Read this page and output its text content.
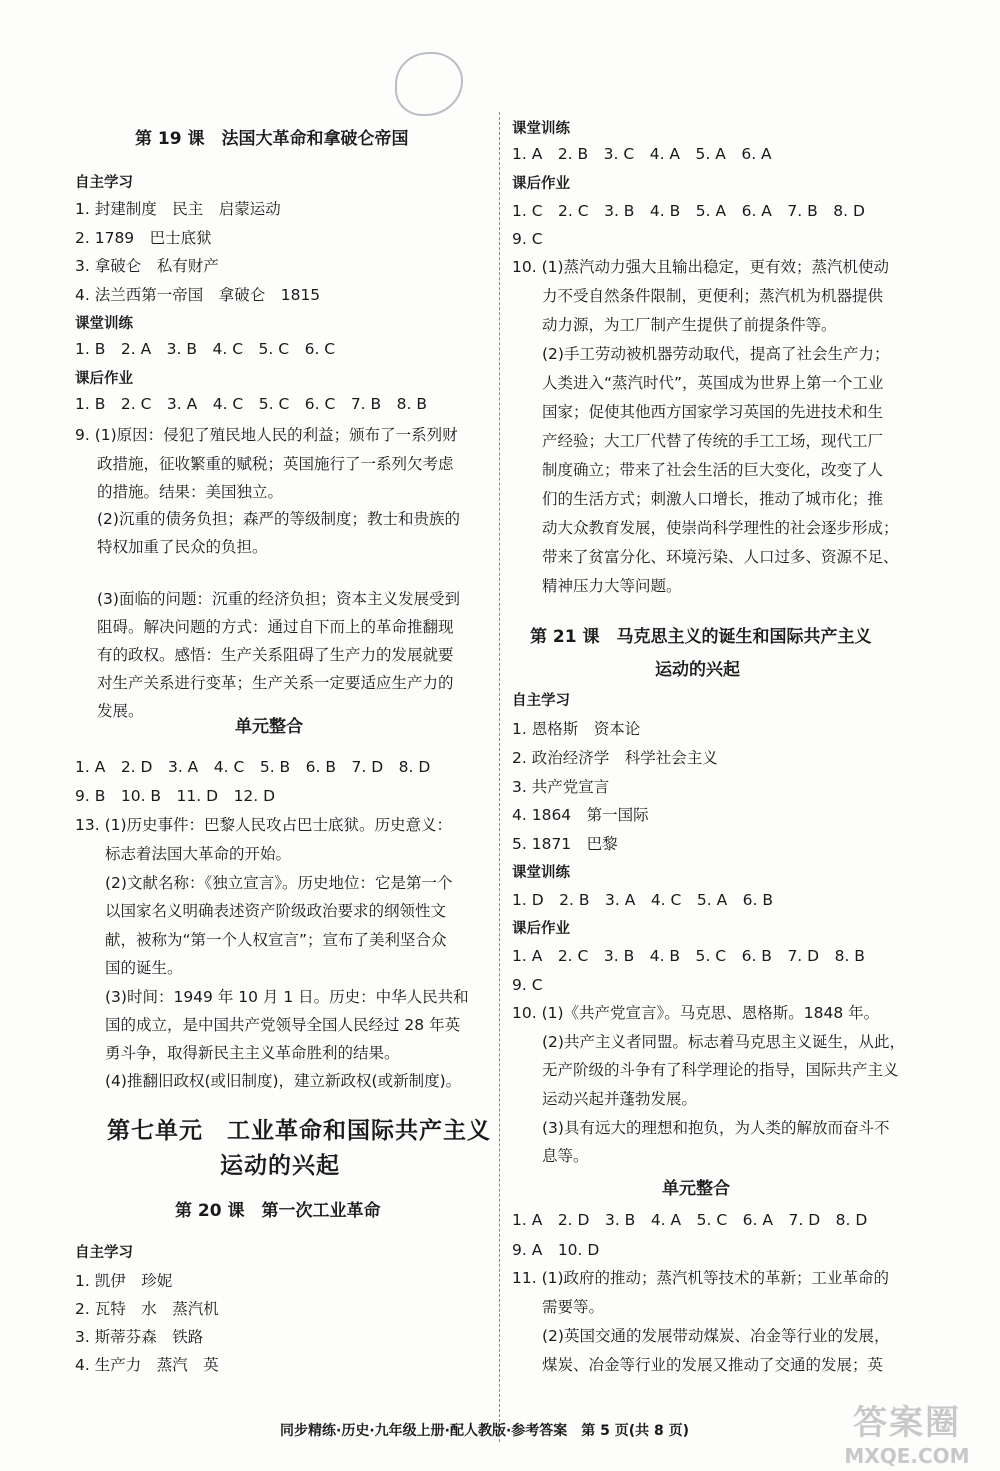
第 19 课　法国大革命和拿破仑帝国
自主学习
1. 封建制度　民主　启蒙运动
2. 1789　巴士底狱
3. 拿破仑　私有财产
4. 法兰西第一帝国　拿破仑　1815
课堂训练
1. B　2. A　3. B　4. C　5. C　6. C
课后作业
1. B　2. C　3. A　4. C　5. C　6. C　7. B　8. B
9. (1)原因：侵犯了殖民地人民的利益；颁布了一系列财
政措施，征收繁重的赋税；英国施行了一系列欠考虑
的措施。结果：美国独立。
(2)沉重的债务负担；森严的等级制度；教士和贵族的
特权加重了民众的负担。
(3)面临的问题：沉重的经济负担；资本主义发展受到
阻碍。解决问题的方式：通过自下而上的革命推翻现
有的政权。感悟：生产关系阻碍了生产力的发展就要
对生产关系进行变革；生产关系一定要适应生产力的
发展。
单元整合
1. A　2. D　3. A　4. C　5. B　6. B　7. D　8. D
9. B　10. B　11. D　12. D
13. (1)历史事件：巴黎人民攻占巴士底狱。历史意义：
标志着法国大革命的开始。
(2)文献名称：《独立宣言》。历史地位：它是第一个
以国家名义明确表述资产阶级政治要求的纲领性文
献，被称为“第一个人权宣言”；宣布了美利坚合众
国的诞生。
(3)时间：1949 年 10 月 1 日。历史：中华人民共和
国的成立，是中国共产党领导全国人民经过 28 年英
勇斗争，取得新民主主义革命胜利的结果。
(4)推翻旧政权(或旧制度)，建立新政权(或新制度)。
第七单元　工业革命和国际共产主义
运动的兴起
第 20 课　第一次工业革命
自主学习
1. 凯伊　珍妮
2. 瓦特　水　蒸汽机
3. 斯蒂芬森　铁路
4. 生产力　蒸汽　英
课堂训练
1. A　2. B　3. C　4. A　5. A　6. A
课后作业
1. C　2. C　3. B　4. B　5. A　6. A　7. B　8. D
9. C
10. (1)蒸汽动力强大且输出稳定，更有效；蒸汽机使动
力不受自然条件限制，更便利；蒸汽机为机器提供
动力源，为工厂制产生提供了前提条件等。
(2)手工劳动被机器劳动取代，提高了社会生产力；
人类进入“蒸汽时代”，英国成为世界上第一个工业
国家；促使其他西方国家学习英国的先进技术和生
产经验；大工厂代替了传统的手工工场，现代工厂
制度确立；带来了社会生活的巨大变化，改变了人
们的生活方式；刺激人口增长，推动了城市化；推
动大众教育发展，使崇尚科学理性的社会逐步形成；
带来了贫富分化、环境污染、人口过多、资源不足、
精神压力大等问题。
第 21 课　马克思主义的诞生和国际共产主义
运动的兴起
自主学习
1. 恩格斯　资本论
2. 政治经济学　科学社会主义
3. 共产党宣言
4. 1864　第一国际
5. 1871　巴黎
课堂训练
1. D　2. B　3. A　4. C　5. A　6. B
课后作业
1. A　2. C　3. B　4. B　5. C　6. B　7. D　8. B
9. C
10. (1)《共产党宣言》。马克思、恩格斯。1848 年。
(2)共产主义者同盟。标志着马克思主义诞生，从此，
无产阶级的斗争有了科学理论的指导，国际共产主义
运动兴起并蓬勃发展。
(3)具有远大的理想和抱负，为人类的解放而奋斗不
息等。
单元整合
1. A　2. D　3. B　4. A　5. C　6. A　7. D　8. D
9. A　10. D
11. (1)政府的推动；蒸汽机等技术的革新；工业革命的
需要等。
(2)英国交通的发展带动煤炭、冶金等行业的发展，
煤炭、冶金等行业的发展又推动了交通的发展；英
同步精练·历史·九年级上册·配人教版·参考答案　第 5 页(共 8 页)	答案圈
MXQE.COM
